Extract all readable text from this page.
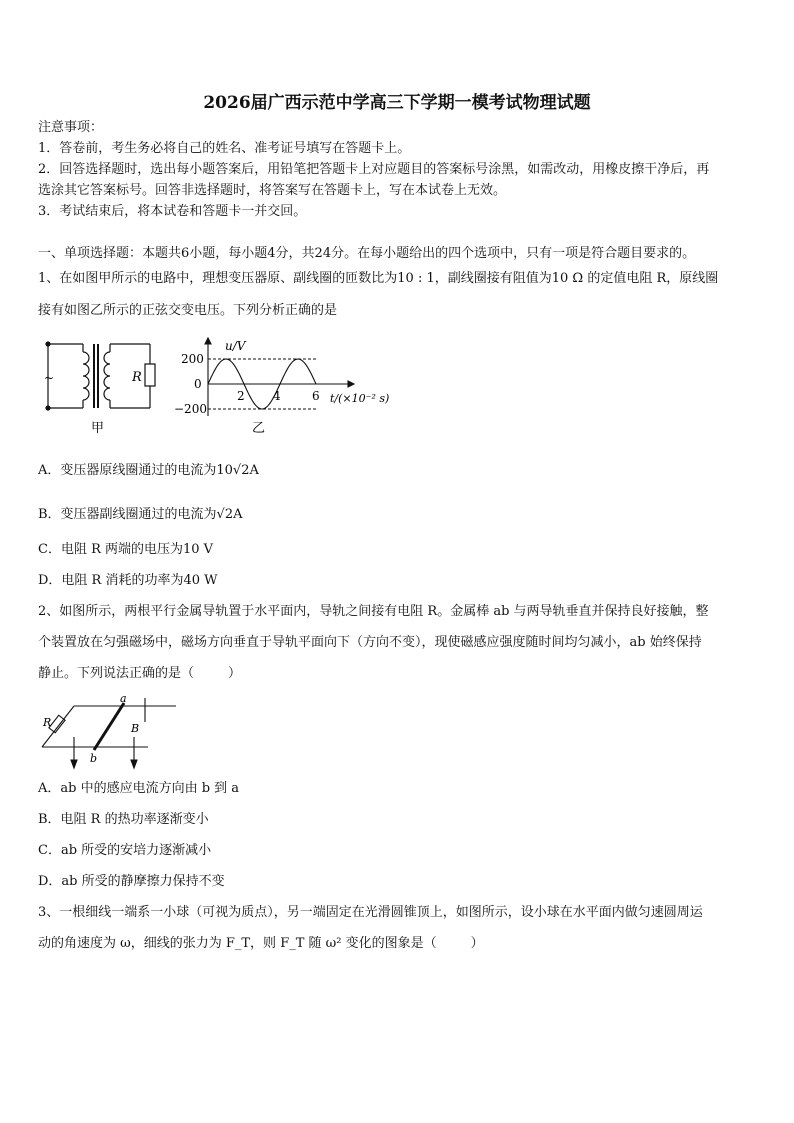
2026届广西示范中学高三下学期一模考试物理试题
注意事项：
1．答卷前，考生务必将自己的姓名、准考证号填写在答题卡上。
2．回答选择题时，选出每小题答案后，用铅笔把答题卡上对应题目的答案标号涂黑，如需改动，用橡皮擦干净后，再
选涂其它答案标号。回答非选择题时，将答案写在答题卡上，写在本试卷上无效。
3．考试结束后，将本试卷和答题卡一并交回。
一、单项选择题：本题共6小题，每小题4分，共24分。在每小题给出的四个选项中，只有一项是符合题目要求的。
1、在如图甲所示的电路中，理想变压器原、副线圈的匝数比为10 : 1，副线圈接有阻值为10 Ω 的定值电阻 R，原线圈
接有如图乙所示的正弦交变电压。下列分析正确的是
~	R
甲
u/V
200
0
−200
2 4	6 t/(×10⁻² s)
乙
A．变压器原线圈通过的电流为10√2A
B．变压器副线圈通过的电流为√2A
C．电阻 R 两端的电压为10 V
D．电阻 R 消耗的功率为40 W
2、如图所示，两根平行金属导轨置于水平面内，导轨之间接有电阻 R。金属棒 ab 与两导轨垂直并保持良好接触，整
个装置放在匀强磁场中，磁场方向垂直于导轨平面向下（方向不变），现使磁感应强度随时间均匀减小，ab 始终保持
静止。下列说法正确的是（	）
R
a
b
B
A．ab 中的感应电流方向由 b 到 a
B．电阻 R 的热功率逐渐变小
C．ab 所受的安培力逐渐减小
D．ab 所受的静摩擦力保持不变
3、一根细线一端系一小球（可视为质点），另一端固定在光滑圆锥顶上，如图所示，设小球在水平面内做匀速圆周运
动的角速度为 ω，细线的张力为 F_T，则 F_T 随 ω² 变化的图象是（	）
